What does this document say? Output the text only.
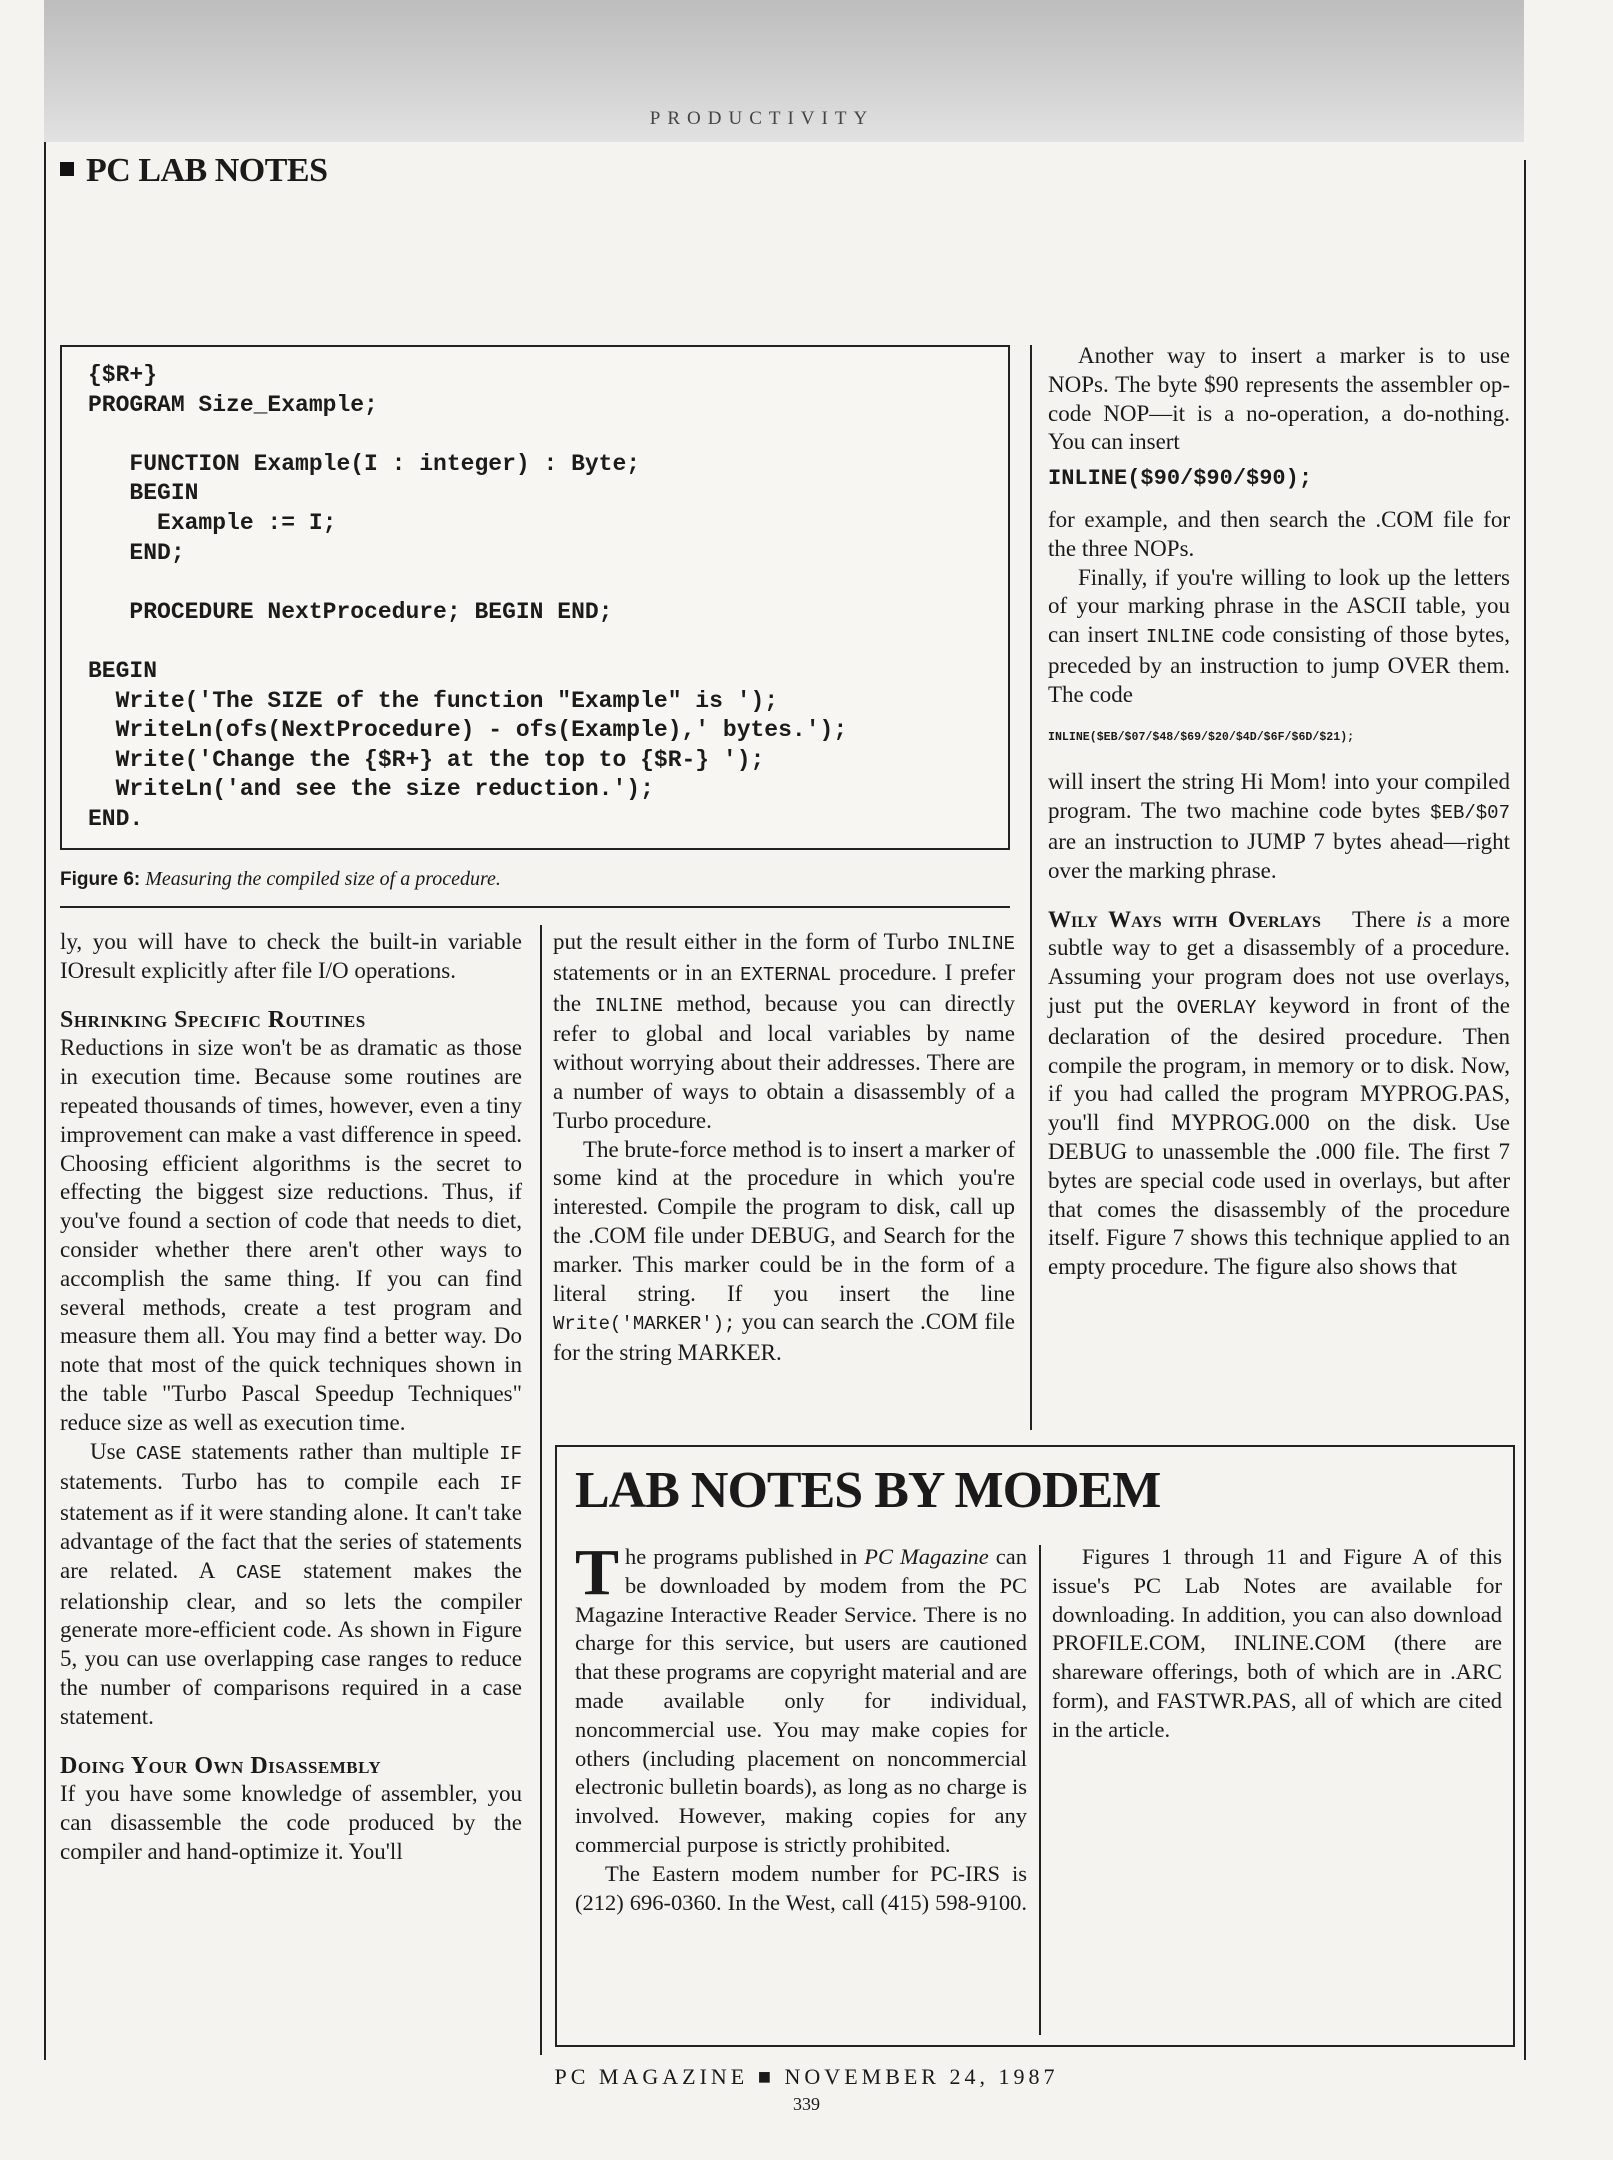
PRODUCTIVITY
PC LAB NOTES
{$R+}
PROGRAM Size_Example;

FUNCTION Example(I : integer) : Byte;
BEGIN
Example := I;
END;

PROCEDURE NextProcedure; BEGIN END;

BEGIN
Write('The SIZE of the function "Example" is ');
WriteLn(ofs(NextProcedure) - ofs(Example),' bytes.');
Write('Change the {$R+} at the top to {$R-} ');
WriteLn('and see the size reduction.');
END.
Figure 6: Measuring the compiled size of a procedure.

ly, you will have to check the built-in variable IOresult explicitly after file I/O operations.

Shrinking Specific Routines

Reductions in size won't be as dramatic as those in execution time. Because some routines are repeated thousands of times, however, even a tiny improvement can make a vast difference in speed. Choosing efficient algorithms is the secret to effecting the biggest size reductions. Thus, if you've found a section of code that needs to diet, consider whether there aren't other ways to accomplish the same thing. If you can find several methods, create a test program and measure them all. You may find a better way. Do note that most of the quick techniques shown in the table "Turbo Pascal Speedup Techniques" reduce size as well as execution time.

Use CASE statements rather than multiple IF statements. Turbo has to compile each IF statement as if it were standing alone. It can't take advantage of the fact that the series of statements are related. A CASE statement makes the relationship clear, and so lets the compiler generate more-efficient code. As shown in Figure 5, you can use overlapping case ranges to reduce the number of comparisons required in a case statement.

Doing Your Own Disassembly

If you have some knowledge of assembler, you can disassemble the code produced by the compiler and hand-optimize it. You'll

put the result either in the form of Turbo INLINE statements or in an EXTERNAL procedure. I prefer the INLINE method, because you can directly refer to global and local variables by name without worrying about their addresses. There are a number of ways to obtain a disassembly of a Turbo procedure.

The brute-force method is to insert a marker of some kind at the procedure in which you're interested. Compile the program to disk, call up the .COM file under DEBUG, and Search for the marker. This marker could be in the form of a literal string. If you insert the line Write('MARKER'); you can search the .COM file for the string MARKER.

Another way to insert a marker is to use NOPs. The byte $90 represents the assembler op-code NOP—it is a no-operation, a do-nothing. You can insert

INLINE($90/$90/$90);

for example, and then search the .COM file for the three NOPs.

Finally, if you're willing to look up the letters of your marking phrase in the ASCII table, you can insert INLINE code consisting of those bytes, preceded by an instruction to jump OVER them. The code

INLINE($EB/$07/$48/$69/$20/$4D/$6F/$6D/$21);

will insert the string Hi Mom! into your compiled program. The two machine code bytes $EB/$07 are an instruction to JUMP 7 bytes ahead—right over the marking phrase.

Wily Ways with Overlays There is a more subtle way to get a disassembly of a procedure. Assuming your program does not use overlays, just put the OVERLAY keyword in front of the declaration of the desired procedure. Then compile the program, in memory or to disk. Now, if you had called the program MYPROG.PAS, you'll find MYPROG.000 on the disk. Use DEBUG to unassemble the .000 file. The first 7 bytes are special code used in overlays, but after that comes the disassembly of the procedure itself. Figure 7 shows this technique applied to an empty procedure. The figure also shows that

LAB NOTES BY MODEM

The programs published in PC Magazine can be downloaded by modem from the PC Magazine Interactive Reader Service. There is no charge for this service, but users are cautioned that these programs are copyright material and are made available only for individual, noncommercial use. You may make copies for others (including placement on noncommercial electronic bulletin boards), as long as no charge is involved. However, making copies for any commercial purpose is strictly prohibited.

The Eastern modem number for PC-IRS is (212) 696-0360. In the West, call (415) 598-9100.

Figures 1 through 11 and Figure A of this issue's PC Lab Notes are available for downloading. In addition, you can also download PROFILE.COM, INLINE.COM (there are shareware offerings, both of which are in .ARC form), and FASTWR.PAS, all of which are cited in the article.

PC MAGAZINE ■ NOVEMBER 24, 1987
339
